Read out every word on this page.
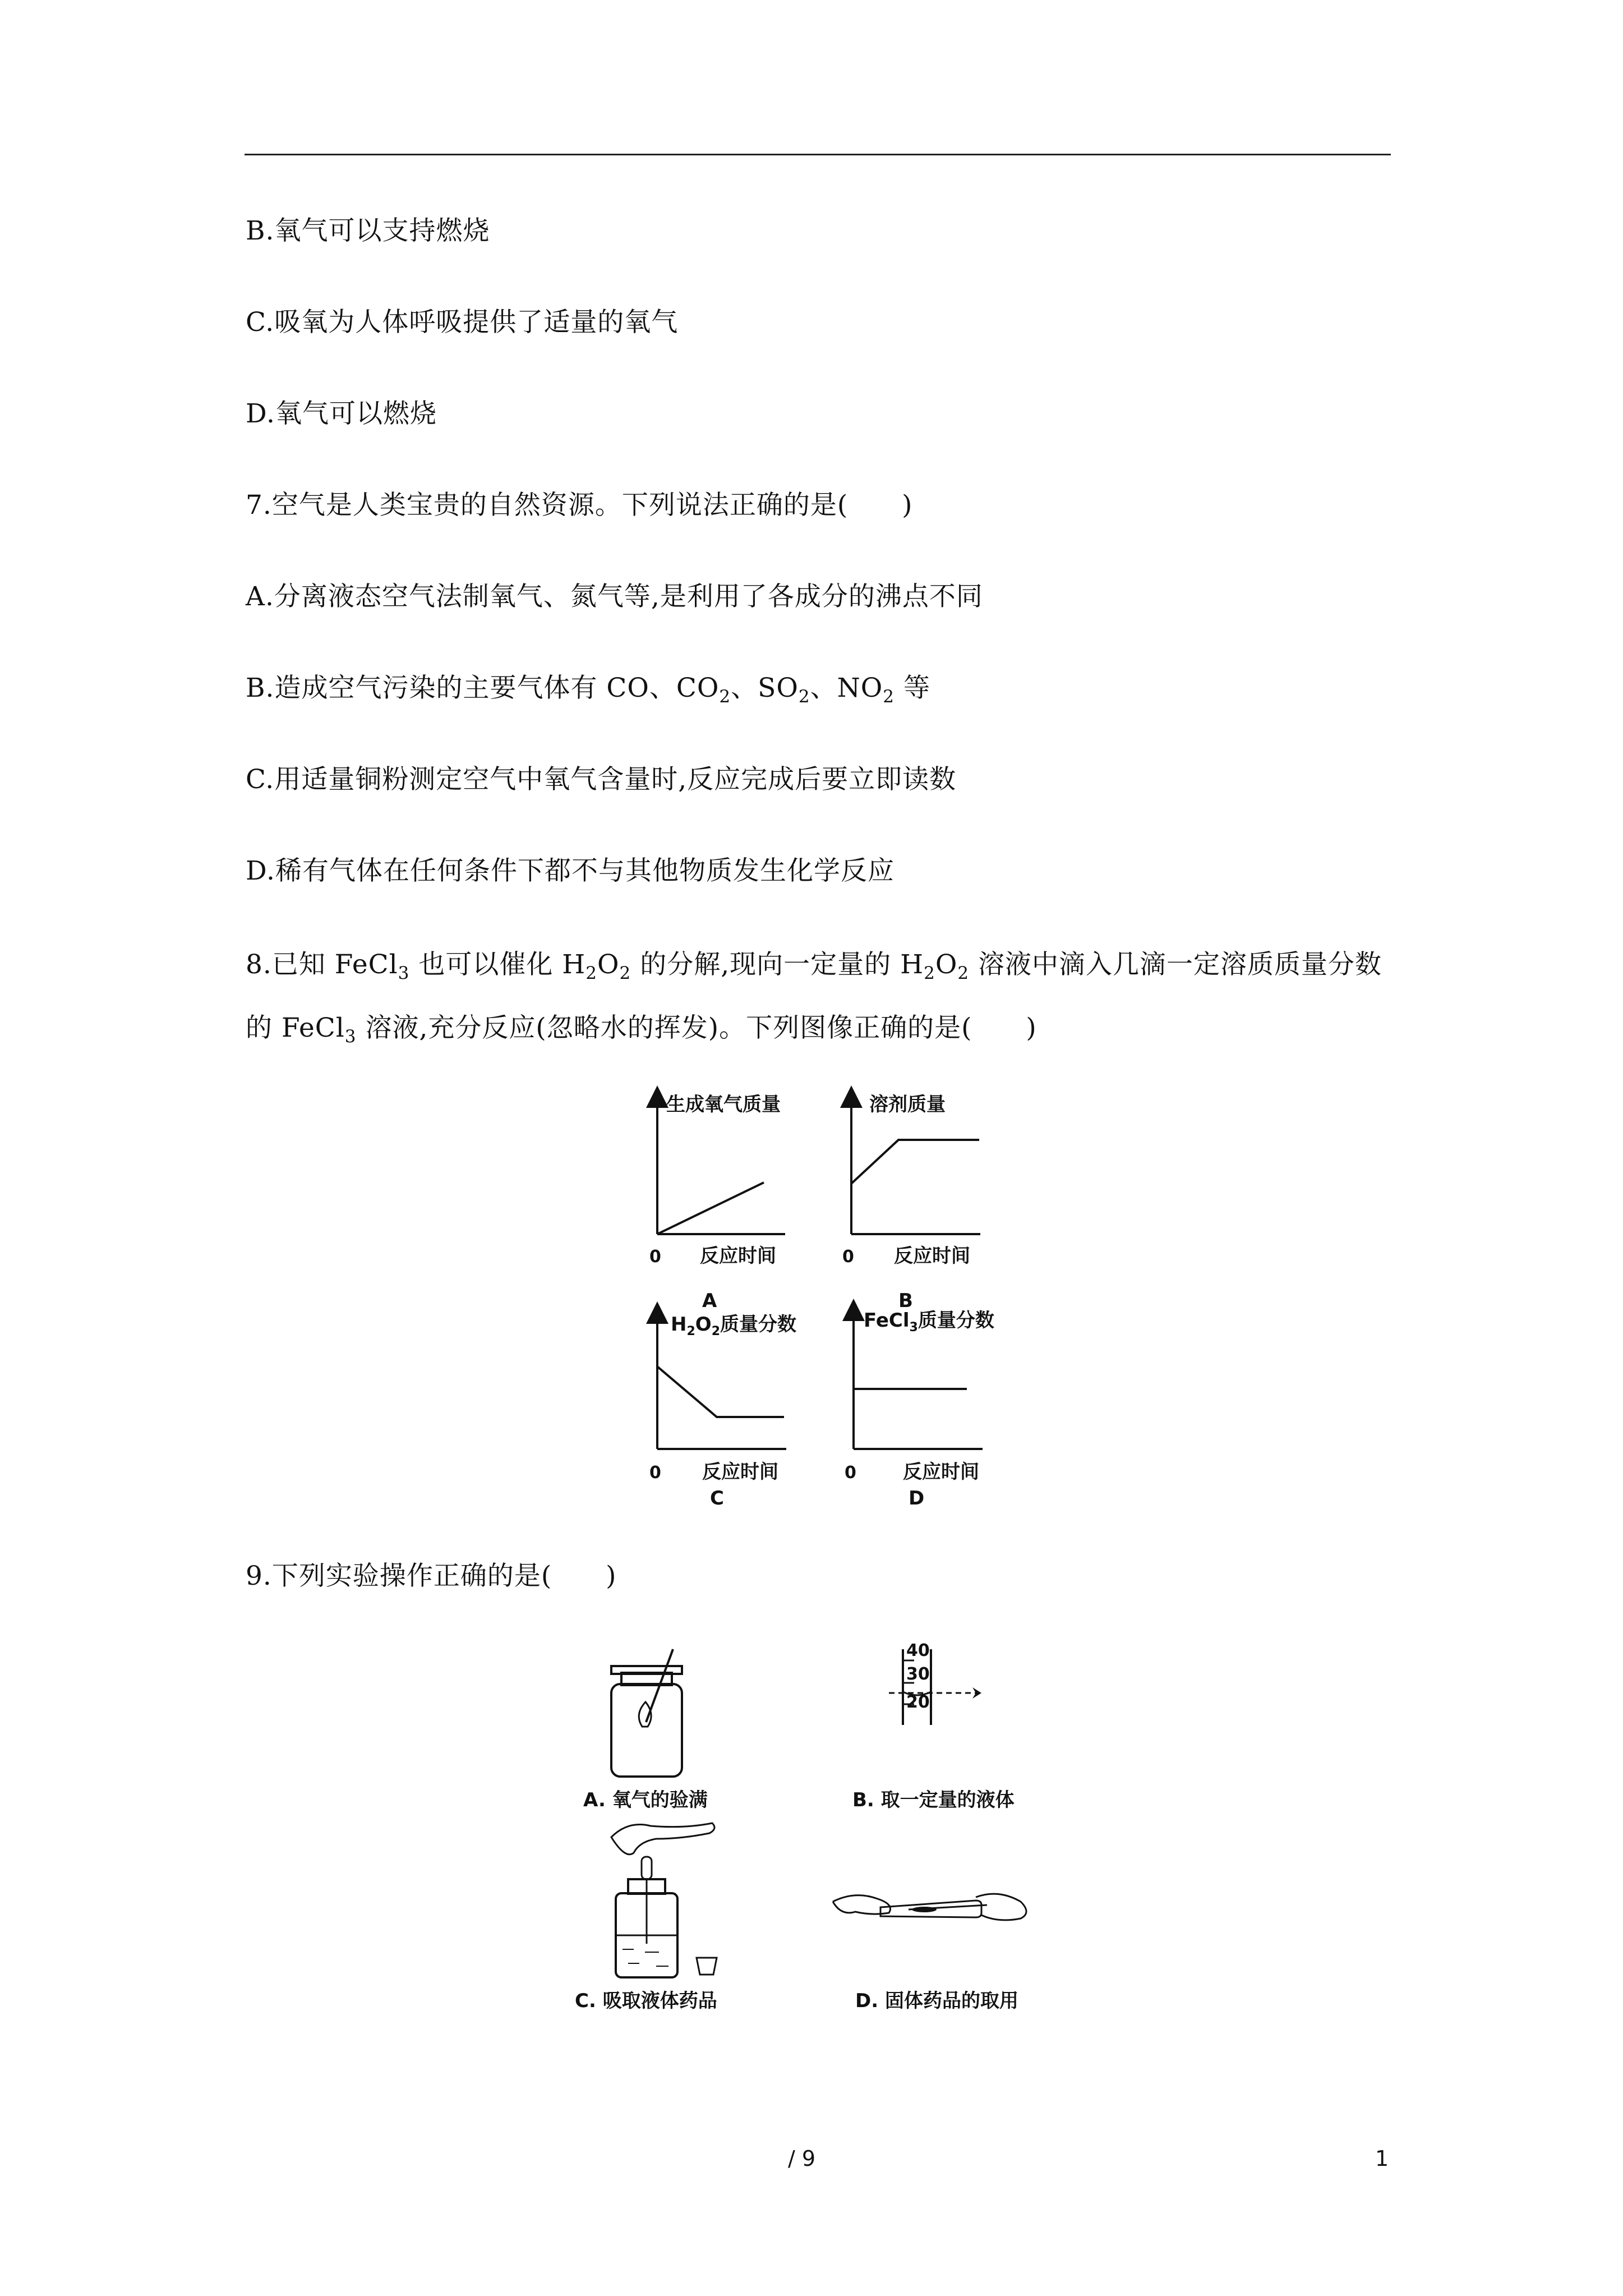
B.氧气可以支持燃烧
C.吸氧为人体呼吸提供了适量的氧气
D.氧气可以燃烧
7.空气是人类宝贵的自然资源。下列说法正确的是(　　)
A.分离液态空气法制氧气、氮气等,是利用了各成分的沸点不同
B.造成空气污染的主要气体有 CO、$CO_2$、$SO_2$、$NO_2$ 等
C.用适量铜粉测定空气中氧气含量时,反应完成后要立即读数
D.稀有气体在任何条件下都不与其他物质发生化学反应
8.已知 FeCl$_3$ 也可以催化 $H_2O_2$ 的分解,现向一定量的 $H_2O_2$ 溶液中滴入几滴一定溶质质量分数
的 FeCl$_3$ 溶液,充分反应(忽略水的挥发)。下列图像正确的是(　　)
生成氧气质量
0 反应时间
A
溶剂质量
0 反应时间
B
$H_2O_2$质量分数
0 反应时间
C
FeCl$_3$质量分数
0 反应时间
D
9.下列实验操作正确的是(　　)
A. 氧气的验满
40
30
20
B. 取一定量的液体
C. 吸取液体药品	D. 固体药品的取用
/ 9	1
